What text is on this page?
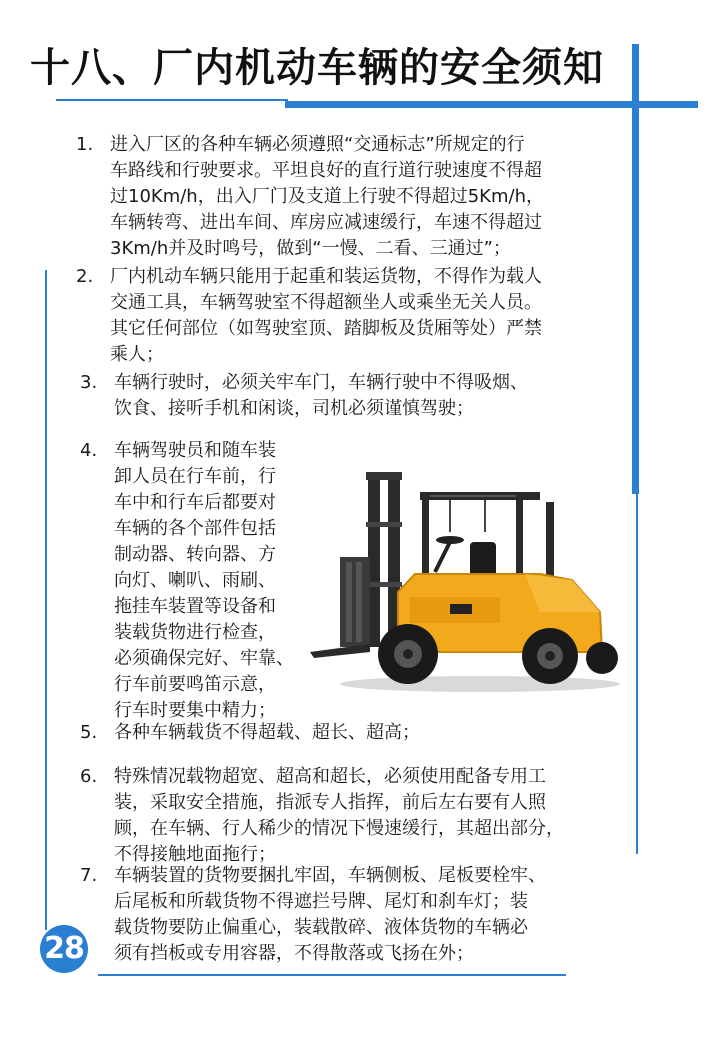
十八、厂内机动车辆的安全须知
1. 进入厂区的各种车辆必须遵照“交通标志”所规定的行
车路线和行驶要求。平坦良好的直行道行驶速度不得超
过10Km/h，出入厂门及支道上行驶不得超过5Km/h，
车辆转弯、进出车间、库房应减速缓行，车速不得超过
3Km/h并及时鸣号，做到“一慢、二看、三通过”；
2. 厂内机动车辆只能用于起重和装运货物，不得作为载人
交通工具，车辆驾驶室不得超额坐人或乘坐无关人员。
其它任何部位（如驾驶室顶、踏脚板及货厢等处）严禁
乘人；
3. 车辆行驶时，必须关牢车门，车辆行驶中不得吸烟、
饮食、接听手机和闲谈，司机必须谨慎驾驶；
4. 车辆驾驶员和随车装
卸人员在行车前，行
车中和行车后都要对
车辆的各个部件包括
制动器、转向器、方
向灯、喇叭、雨刷、
拖挂车装置等设备和
装载货物进行检查，
必须确保完好、牢靠、
行车前要鸣笛示意，
行车时要集中精力；
5. 各种车辆载货不得超载、超长、超高；
6. 特殊情况载物超宽、超高和超长，必须使用配备专用工
装，采取安全措施，指派专人指挥，前后左右要有人照
顾，在车辆、行人稀少的情况下慢速缓行，其超出部分，
不得接触地面拖行；
7. 车辆装置的货物要捆扎牢固，车辆侧板、尾板要栓牢、
后尾板和所载货物不得遮拦号牌、尾灯和刹车灯；装
载货物要防止偏重心，装载散碎、液体货物的车辆必
须有挡板或专用容器，不得散落或飞扬在外；
28
